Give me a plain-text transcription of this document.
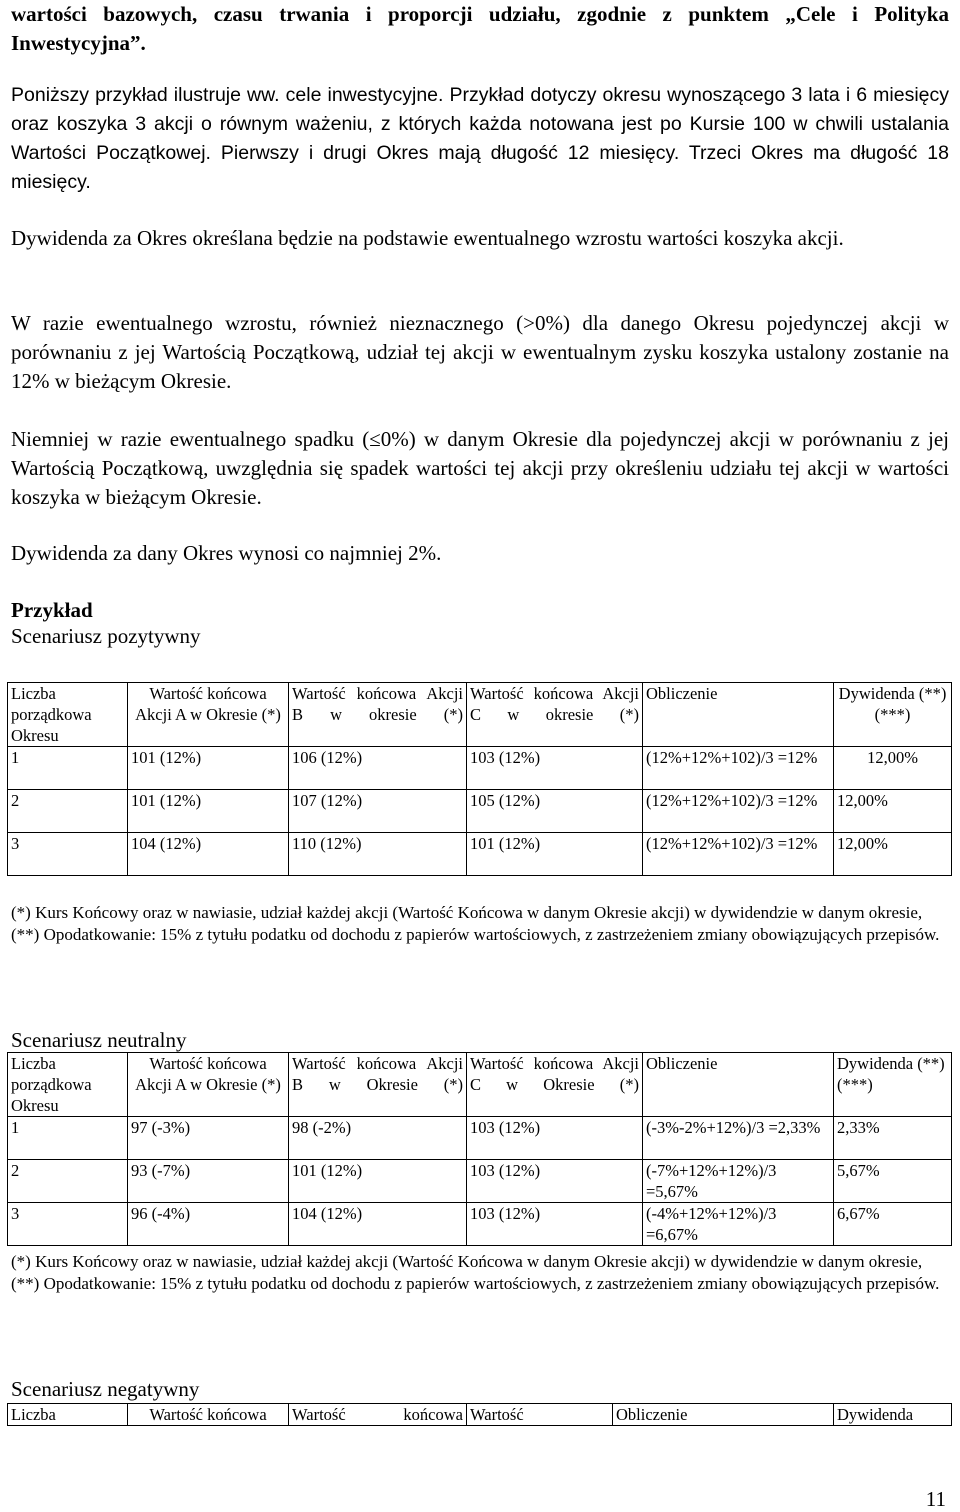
wartości bazowych, czasu trwania i proporcji udziału, zgodnie z punktem „Cele i Polityka Inwestycyjna”.

Poniższy przykład ilustruje ww. cele inwestycyjne. Przykład dotyczy okresu wynoszącego 3 lata i 6 miesięcy oraz koszyka 3 akcji o równym ważeniu, z których każda notowana jest po Kursie 100 w chwili ustalania Wartości Początkowej. Pierwszy i drugi Okres mają długość 12 miesięcy. Trzeci Okres ma długość 18 miesięcy.

Dywidenda za Okres określana będzie na podstawie ewentualnego wzrostu wartości koszyka akcji.

W razie ewentualnego wzrostu, również nieznacznego (>0%) dla danego Okresu pojedynczej akcji w porównaniu z jej Wartością Początkową, udział tej akcji w ewentualnym zysku koszyka ustalony zostanie na 12% w bieżącym Okresie.

Niemniej w razie ewentualnego spadku (≤0%) w danym Okresie dla pojedynczej akcji w porównaniu z jej Wartością Początkową, uwzględnia się spadek wartości tej akcji przy określeniu udziału tej akcji w wartości koszyka w bieżącym Okresie.

Dywidenda za dany Okres wynosi co najmniej 2%.

Przykład

Scenariusz pozytywny

Liczba porządkowa Okresu	Wartość końcowa Akcji A w Okresie (*)	Wartość końcowa Akcji B w okresie (*)	Wartość końcowa Akcji C w okresie (*)	Obliczenie	Dywidenda (**) (***)
1	101 (12%)	106 (12%)	103 (12%)	(12%+12%+102)/3 =12%	12,00%
2	101 (12%)	107 (12%)	105 (12%)	(12%+12%+102)/3 =12%	12,00%
3	104 (12%)	110 (12%)	101 (12%)	(12%+12%+102)/3 =12%	12,00%

(*) Kurs Końcowy oraz w nawiasie, udział każdej akcji (Wartość Końcowa w danym Okresie akcji) w dywidendzie w danym okresie,

(**) Opodatkowanie: 15% z tytułu podatku od dochodu z papierów wartościowych, z zastrzeżeniem zmiany obowiązujących przepisów.

Scenariusz neutralny

Liczba porządkowa Okresu	Wartość końcowa Akcji A w Okresie (*)	Wartość końcowa Akcji B w Okresie (*)	Wartość końcowa Akcji C w Okresie (*)	Obliczenie	Dywidenda (**) (***)
1	97 (-3%)	98 (-2%)	103 (12%)	(-3%-2%+12%)/3 =2,33%	2,33%
2	93 (-7%)	101 (12%)	103 (12%)	(-7%+12%+12%)/3 =5,67%	5,67%
3	96 (-4%)	104 (12%)	103 (12%)	(-4%+12%+12%)/3 =6,67%	6,67%

(*) Kurs Końcowy oraz w nawiasie, udział każdej akcji (Wartość Końcowa w danym Okresie akcji) w dywidendzie w danym okresie,

(**) Opodatkowanie: 15% z tytułu podatku od dochodu z papierów wartościowych, z zastrzeżeniem zmiany obowiązujących przepisów.

Scenariusz negatywny

Liczba	Wartość końcowa	Wartość końcowa	Wartość	Obliczenie	Dywidenda
11
